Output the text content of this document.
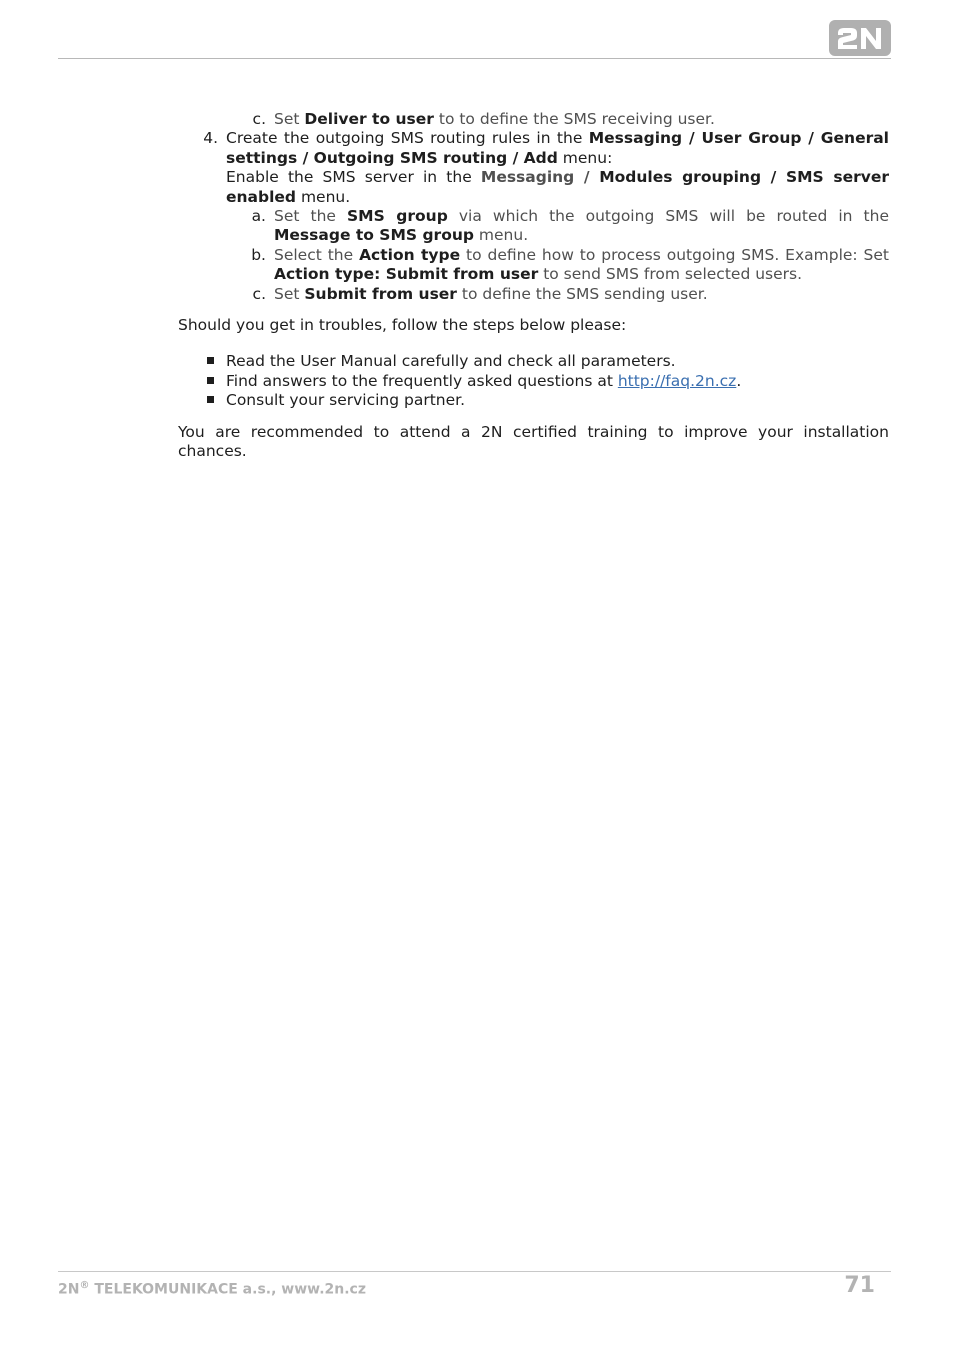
c. Set Deliver to user to to define the SMS receiving user.
4. Create the outgoing SMS routing rules in the Messaging / User Group / General settings / Outgoing SMS routing / Add menu:
Enable the SMS server in the Messaging / Modules grouping / SMS server enabled menu.
a. Set the SMS group via which the outgoing SMS will be routed in the Message to SMS group menu.
b. Select the Action type to define how to process outgoing SMS. Example: Set Action type: Submit from user to send SMS from selected users.
c. Set Submit from user to define the SMS sending user.
Should you get in troubles, follow the steps below please:
Read the User Manual carefully and check all parameters.
Find answers to the frequently asked questions at http://faq.2n.cz.
Consult your servicing partner.
You are recommended to attend a 2N certified training to improve your installation chances.
2N® TELEKOMUNIKACE a.s., www.2n.cz	71
